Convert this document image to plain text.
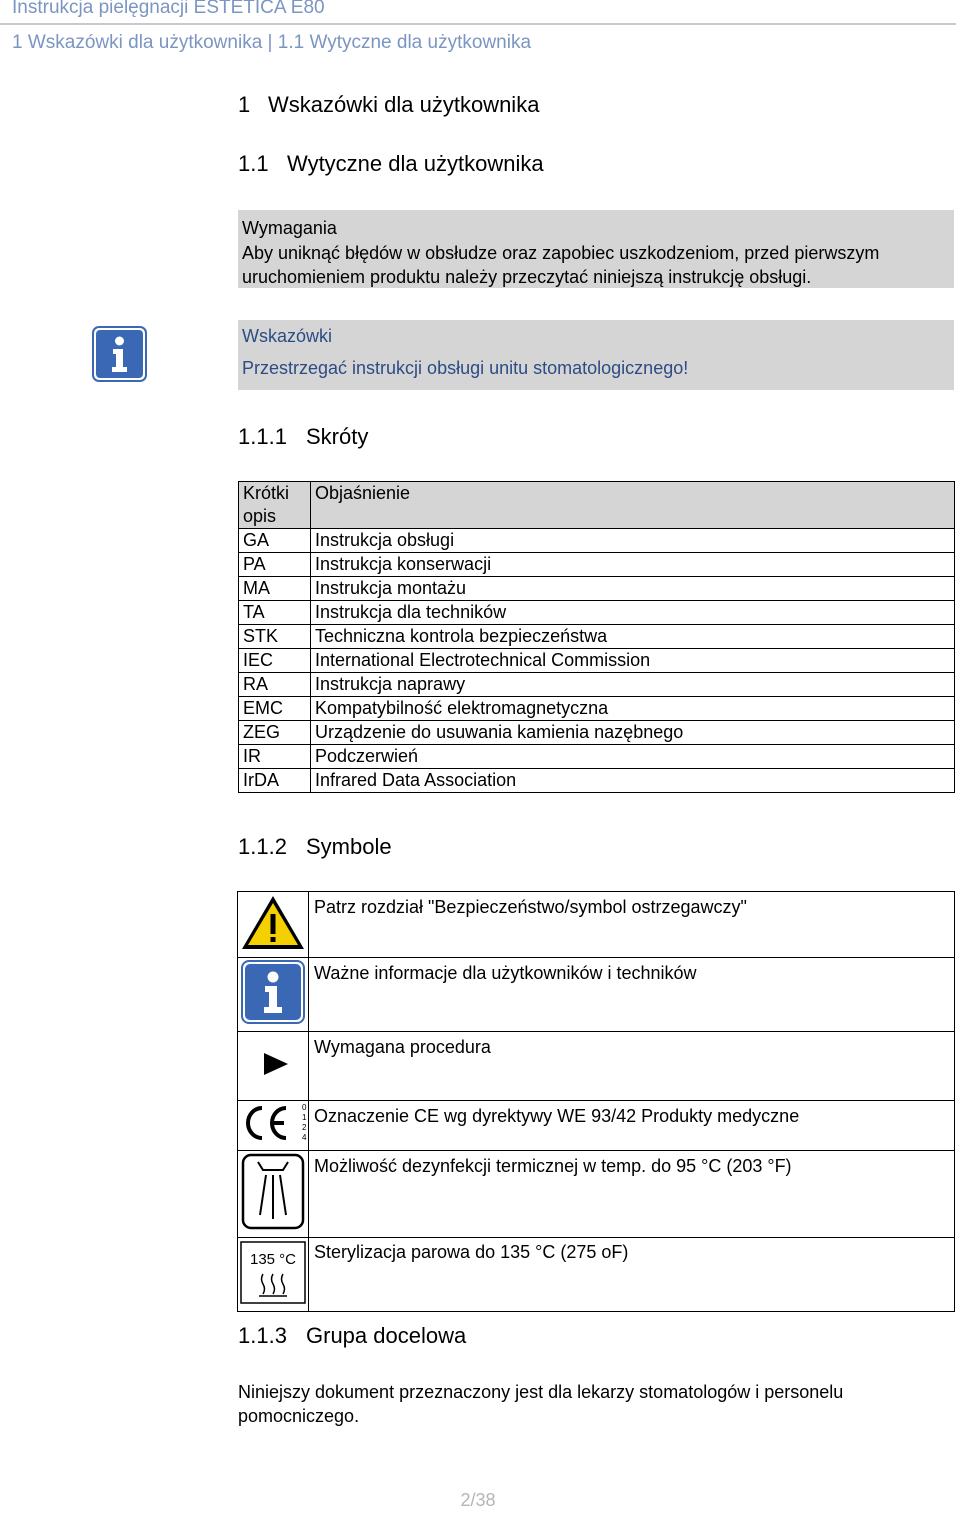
Instrukcja pielęgnacji ESTETICA E80
1 Wskazówki dla użytkownika | 1.1 Wytyczne dla użytkownika
1 Wskazówki dla użytkownika
1.1 Wytyczne dla użytkownika
Wymagania
Aby uniknąć błędów w obsłudze oraz zapobiec uszkodzeniom, przed pierwszym uruchomieniem produktu należy przeczytać niniejszą instrukcję obsługi.
Wskazówki
Przestrzegać instrukcji obsługi unitu stomatologicznego!
1.1.1 Skróty
Krótki opis	Objaśnienie
GA	Instrukcja obsługi
PA	Instrukcja konserwacji
MA	Instrukcja montażu
TA	Instrukcja dla techników
STK	Techniczna kontrola bezpieczeństwa
IEC	International Electrotechnical Commission
RA	Instrukcja naprawy
EMC	Kompatybilność elektromagnetyczna
ZEG	Urządzenie do usuwania kamienia nazębnego
IR	Podczerwień
IrDA	Infrared Data Association
1.1.2 Symbole
	Patrz rozdział "Bezpieczeństwo/symbol ostrzegawczy"
	Ważne informacje dla użytkowników i techników
	Wymagana procedura

0
1
2
4	Oznaczenie CE wg dyrektywy WE 93/42 Produkty medyczne
	Możliwość dezynfekcji termicznej w temp. do 95 °C (203 °F)

135 °C	Sterylizacja parowa do 135 °C (275 oF)
1.1.3 Grupa docelowa
Niniejszy dokument przeznaczony jest dla lekarzy stomatologów i personelu pomocniczego.
2/38
